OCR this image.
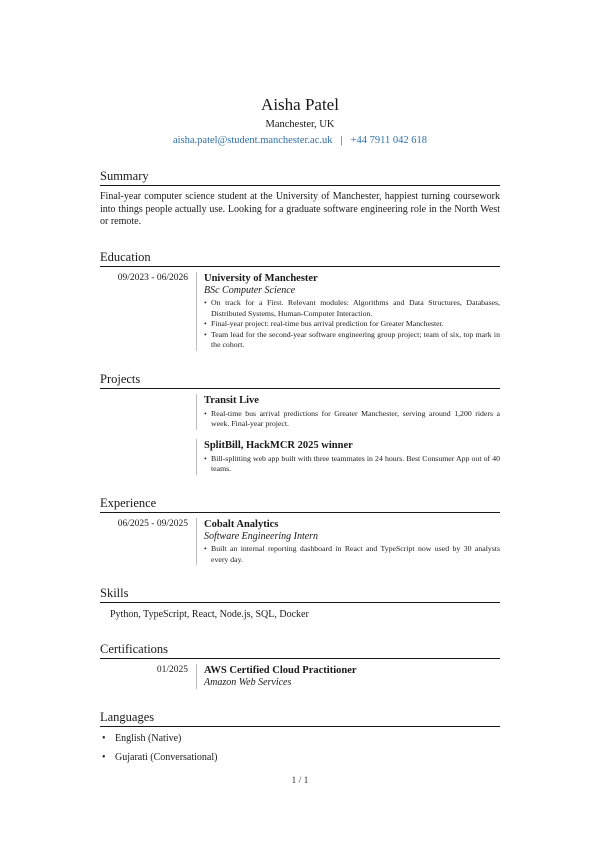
Aisha Patel
Manchester, UK
aisha.patel@student.manchester.ac.uk | +44 7911 042 618
Summary
Final-year computer science student at the University of Manchester, happiest turning coursework into things people actually use. Looking for a graduate software engineering role in the North West or remote.
Education
09/2023 - 06/2026	University of Manchester
BSc Computer Science
• On track for a First. Relevant modules: Algorithms and Data Structures, Databases, Distributed Systems, Human-Computer Interaction.
• Final-year project: real-time bus arrival prediction for Greater Manchester.
• Team lead for the second-year software engineering group project; team of six, top mark in the cohort.
Projects
Transit Live
• Real-time bus arrival predictions for Greater Manchester, serving around 1,200 riders a week. Final-year project.
SplitBill, HackMCR 2025 winner
• Bill-splitting web app built with three teammates in 24 hours. Best Consumer App out of 40 teams.
Experience
06/2025 - 09/2025	Cobalt Analytics
Software Engineering Intern
• Built an internal reporting dashboard in React and TypeScript now used by 30 analysts every day.
Skills
Python, TypeScript, React, Node.js, SQL, Docker
Certifications
01/2025	AWS Certified Cloud Practitioner
Amazon Web Services
Languages
• English (Native)
• Gujarati (Conversational)
1 / 1
